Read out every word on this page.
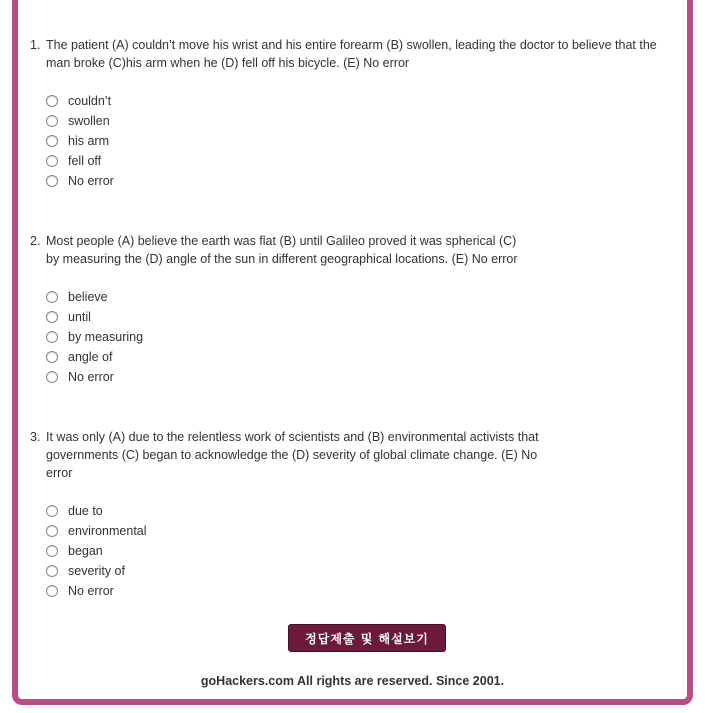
1. The patient (A) couldn’t move his wrist and his entire forearm (B) swollen, leading the doctor to believe that the man broke (C)his arm when he (D) fell off his bicycle. (E) No error
couldn’t
swollen
his arm
fell off
No error
2. Most people (A) believe the earth was flat (B) until Galileo proved it was spherical (C) by measuring the (D) angle of the sun in different geographical locations. (E) No error
believe
until
by measuring
angle of
No error
3. It was only (A) due to the relentless work of scientists and (B) environmental activists that governments (C) began to acknowledge the (D) severity of global climate change. (E) No error
due to
environmental
began
severity of
No error
정답제출 및 해설보기
goHackers.com All rights are reserved. Since 2001.
